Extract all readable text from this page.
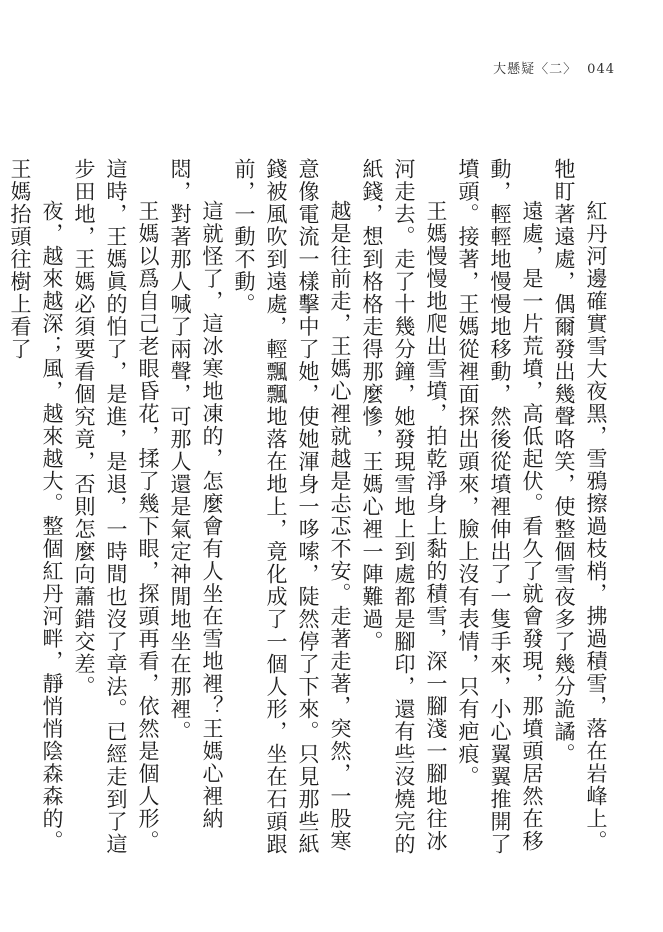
大懸疑〈二〉 044

紅丹河邊確實雪大夜黑，雪鴉擦過枝梢，拂過積雪，落在岩峰上。牠盯著遠處，偶爾發出幾聲咯笑，使整個雪夜多了幾分詭譎。

遠處，是一片荒墳，高低起伏。看久了就會發現，那墳頭居然在移動，輕輕地慢慢地移動，然後從墳裡伸出了一隻手來，小心翼翼推開了墳頭。接著，王媽從裡面探出頭來，臉上沒有表情，只有疤痕。

王媽慢慢地爬出雪墳，拍乾淨身上黏的積雪，深一腳淺一腳地往冰河走去。走了十幾分鐘，她發現雪地上到處都是腳印，還有些沒燒完的紙錢，想到格格走得那麼慘，王媽心裡一陣難過。

越是往前走，王媽心裡就越是忐忑不安。走著走著，突然，一股寒意像電流一樣擊中了她，使她渾身一哆嗦，陡然停了下來。只見那些紙錢被風吹到遠處，輕飄飄地落在地上，竟化成了一個人形，坐在石頭跟前，一動不動。

這就怪了，這冰寒地凍的，怎麼會有人坐在雪地裡？王媽心裡納悶，對著那人喊了兩聲，可那人還是氣定神閒地坐在那裡。

王媽以爲自己老眼昏花，揉了幾下眼，探頭再看，依然是個人形。這時，王媽眞的怕了，是進，是退，一時間也沒了章法。已經走到了這步田地，王媽必須要看個究竟，否則怎麼向蕭錯交差。

夜，越來越深；風，越來越大。整個紅丹河畔，靜悄悄陰森森的。王媽抬頭往樹上看了
